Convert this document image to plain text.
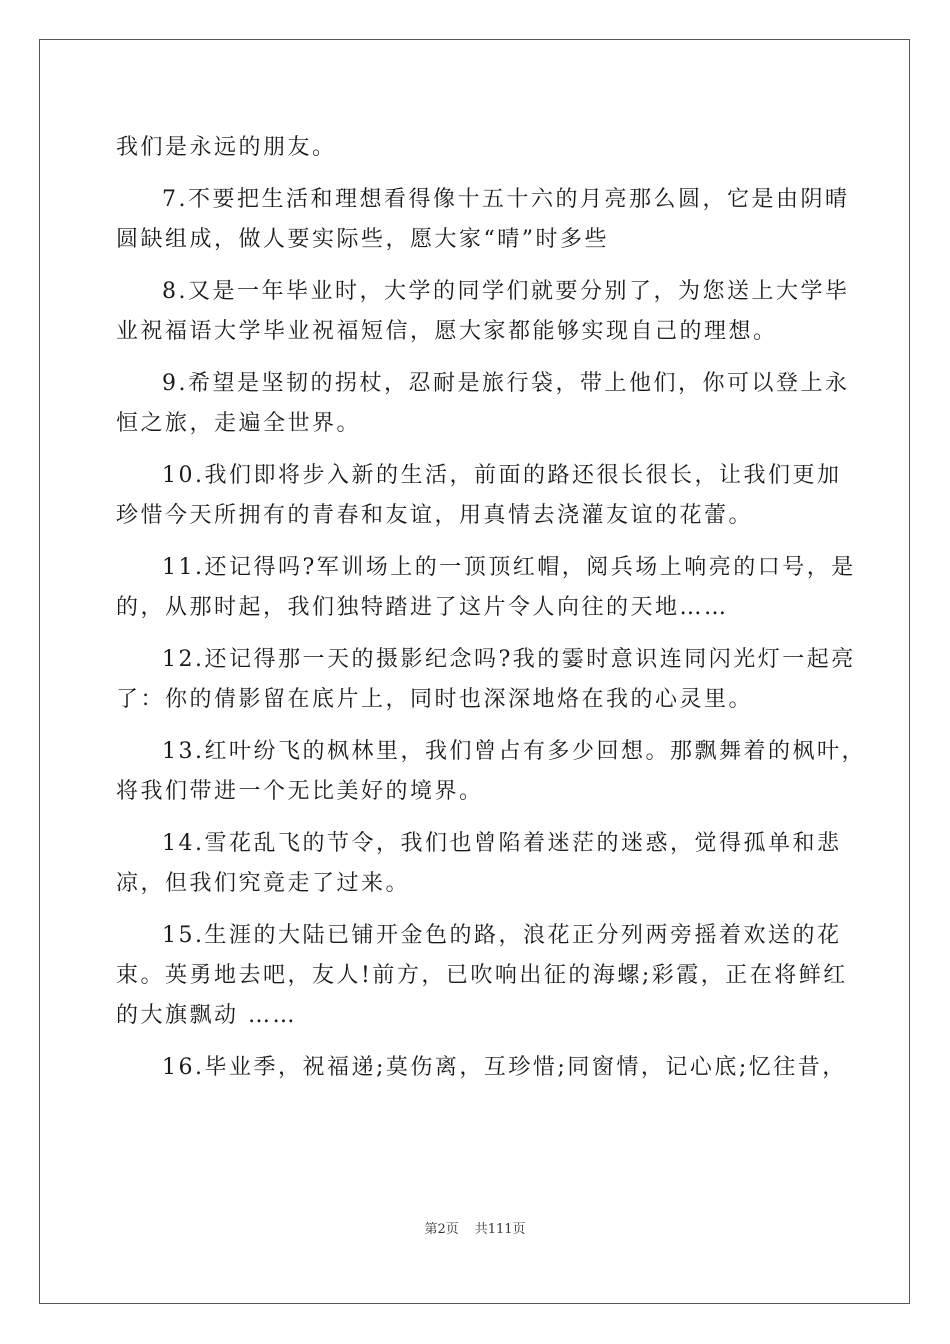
我们是永远的朋友。
7.不要把生活和理想看得像十五十六的月亮那么圆，它是由阴晴
圆缺组成，做人要实际些，愿大家“晴”时多些
8.又是一年毕业时，大学的同学们就要分别了，为您送上大学毕
业祝福语大学毕业祝福短信，愿大家都能够实现自己的理想。
9.希望是坚韧的拐杖，忍耐是旅行袋，带上他们，你可以登上永
恒之旅，走遍全世界。
10.我们即将步入新的生活，前面的路还很长很长，让我们更加
珍惜今天所拥有的青春和友谊，用真情去浇灌友谊的花蕾。
11.还记得吗?军训场上的一顶顶红帽，阅兵场上响亮的口号，是
的，从那时起，我们独特踏进了这片令人向往的天地……
12.还记得那一天的摄影纪念吗?我的霎时意识连同闪光灯一起亮
了：你的倩影留在底片上，同时也深深地烙在我的心灵里。
13.红叶纷飞的枫林里，我们曾占有多少回想。那飘舞着的枫叶，
将我们带进一个无比美好的境界。
14.雪花乱飞的节令，我们也曾陷着迷茫的迷惑，觉得孤单和悲
凉，但我们究竟走了过来。
15.生涯的大陆已铺开金色的路，浪花正分列两旁摇着欢送的花
束。英勇地去吧，友人!前方，已吹响出征的海螺;彩霞，正在将鲜红
的大旗飘动 ……
16.毕业季，祝福递;莫伤离，互珍惜;同窗情，记心底;忆往昔，
第2页 共111页
